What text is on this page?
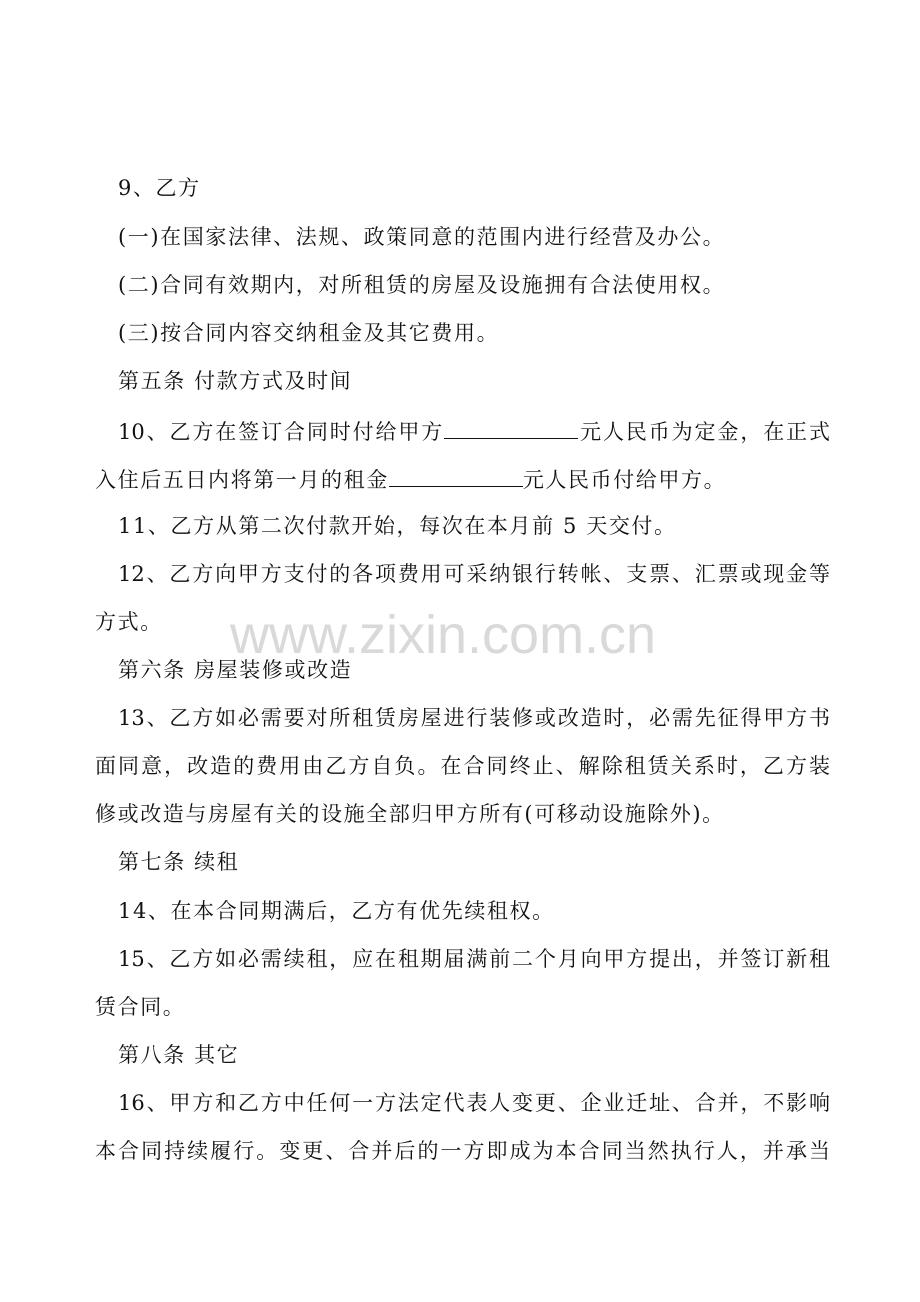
www.zixin.com.cn
9、乙方
(一)在国家法律、法规、政策同意的范围内进行经营及办公。
(二)合同有效期内，对所租赁的房屋及设施拥有合法使用权。
(三)按合同内容交纳租金及其它费用。
第五条 付款方式及时间
10、乙方在签订合同时付给甲方	元人民币为定金，在正式
入住后五日内将第一月的租金	元人民币付给甲方。
11、乙方从第二次付款开始，每次在本月前 5 天交付。
12、乙方向甲方支付的各项费用可采纳银行转帐、支票、汇票或现金等
方式。
第六条 房屋装修或改造
13、乙方如必需要对所租赁房屋进行装修或改造时，必需先征得甲方书
面同意，改造的费用由乙方自负。在合同终止、解除租赁关系时，乙方装
修或改造与房屋有关的设施全部归甲方所有(可移动设施除外)。
第七条 续租
14、在本合同期满后，乙方有优先续租权。
15、乙方如必需续租，应在租期届满前二个月向甲方提出，并签订新租
赁合同。
第八条 其它
16、甲方和乙方中任何一方法定代表人变更、企业迁址、合并，不影响
本合同持续履行。变更、合并后的一方即成为本合同当然执行人，并承当
